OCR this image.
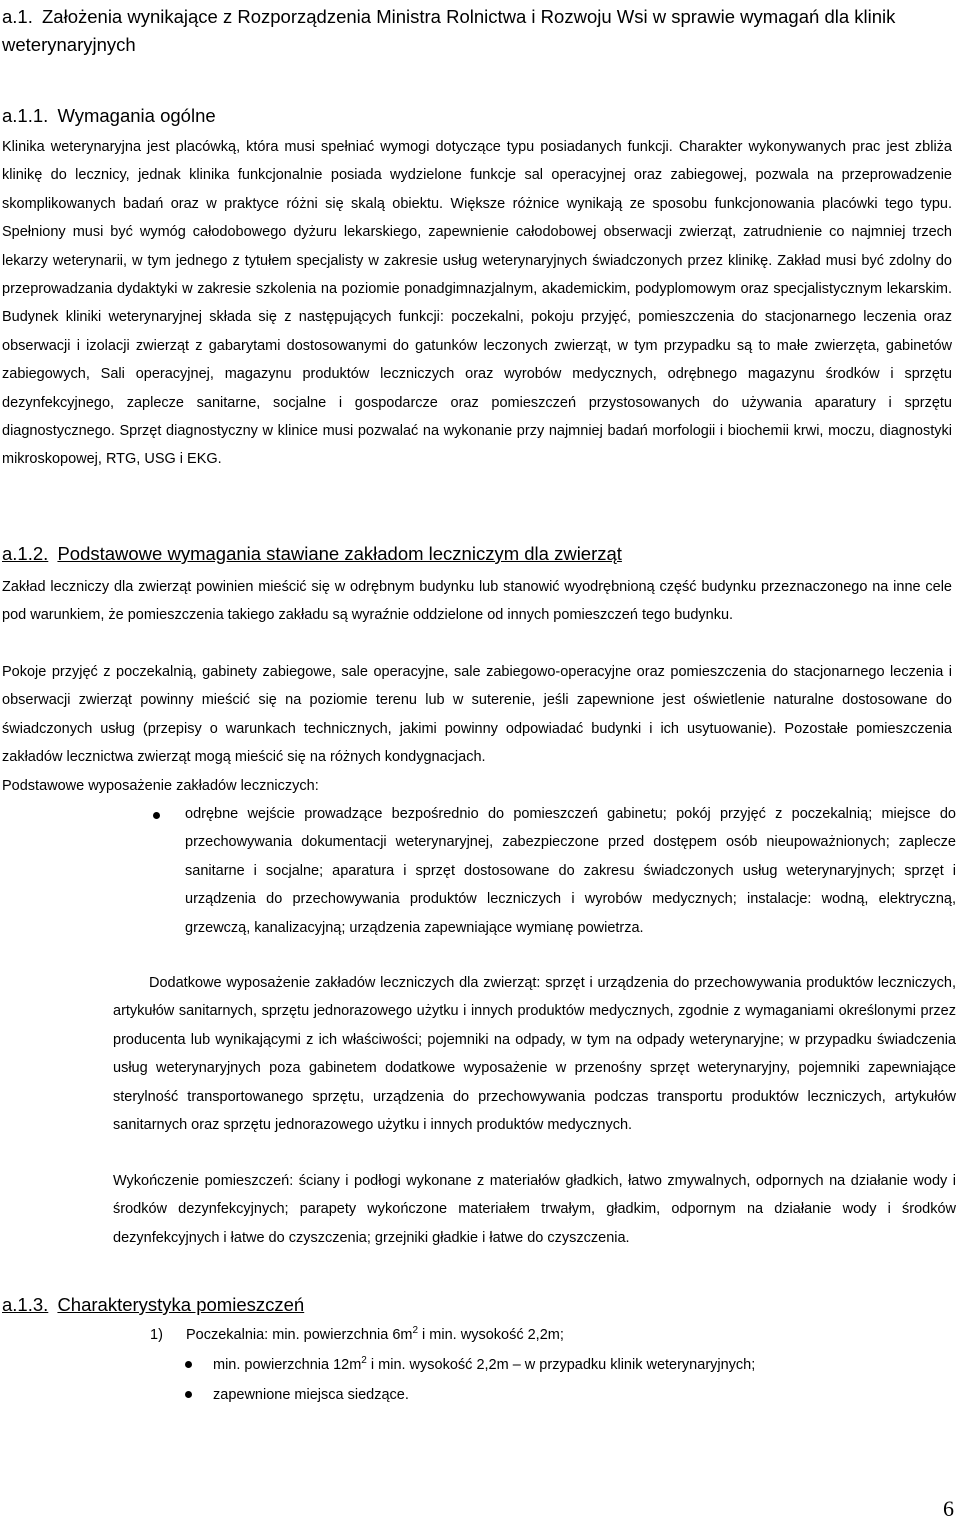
a.1. Założenia wynikające z Rozporządzenia Ministra Rolnictwa i Rozwoju Wsi w sprawie wymagań dla klinik weterynaryjnych
a.1.1. Wymagania ogólne
Klinika weterynaryjna jest placówką, która musi spełniać wymogi dotyczące typu posiadanych funkcji. Charakter wykonywanych prac jest zbliża klinikę do lecznicy, jednak klinika funkcjonalnie posiada wydzielone funkcje sal operacyjnej oraz zabiegowej, pozwala na przeprowadzenie skomplikowanych badań oraz w praktyce różni się skalą obiektu. Większe różnice wynikają ze sposobu funkcjonowania placówki tego typu. Spełniony musi być wymóg całodobowego dyżuru lekarskiego, zapewnienie całodobowej obserwacji zwierząt, zatrudnienie co najmniej trzech lekarzy weterynarii, w tym jednego z tytułem specjalisty w zakresie usług weterynaryjnych świadczonych przez klinikę. Zakład musi być zdolny do przeprowadzania dydaktyki w zakresie szkolenia na poziomie ponadgimnazjalnym, akademickim, podyplomowym oraz specjalistycznym lekarskim. Budynek kliniki weterynaryjnej składa się z następujących funkcji: poczekalni, pokoju przyjęć, pomieszczenia do stacjonarnego leczenia oraz obserwacji i izolacji zwierząt z gabarytami dostosowanymi do gatunków leczonych zwierząt, w tym przypadku są to małe zwierzęta, gabinetów zabiegowych, Sali operacyjnej, magazynu produktów leczniczych oraz wyrobów medycznych, odrębnego magazynu środków i sprzętu dezynfekcyjnego, zaplecze sanitarne, socjalne i gospodarcze oraz pomieszczeń przystosowanych do używania aparatury i sprzętu diagnostycznego. Sprzęt diagnostyczny w klinice musi pozwalać na wykonanie przy najmniej badań morfologii i biochemii krwi, moczu, diagnostyki mikroskopowej, RTG, USG i EKG.
a.1.2. Podstawowe wymagania stawiane zakładom leczniczym dla zwierząt
Zakład leczniczy dla zwierząt powinien mieścić się w odrębnym budynku lub stanowić wyodrębnioną część budynku przeznaczonego na inne cele pod warunkiem, że pomieszczenia takiego zakładu są wyraźnie oddzielone od innych pomieszczeń tego budynku.
Pokoje przyjęć z poczekalnią, gabinety zabiegowe, sale operacyjne, sale zabiegowo-operacyjne oraz pomieszczenia do stacjonarnego leczenia i obserwacji zwierząt powinny mieścić się na poziomie terenu lub w suterenie, jeśli zapewnione jest oświetlenie naturalne dostosowane do świadczonych usług (przepisy o warunkach technicznych, jakimi powinny odpowiadać budynki i ich usytuowanie). Pozostałe pomieszczenia zakładów lecznictwa zwierząt mogą mieścić się na różnych kondygnacjach.
Podstawowe wyposażenie zakładów leczniczych:
odrębne wejście prowadzące bezpośrednio do pomieszczeń gabinetu; pokój przyjęć z poczekalnią; miejsce do przechowywania dokumentacji weterynaryjnej, zabezpieczone przed dostępem osób nieupoważnionych; zaplecze sanitarne i socjalne; aparatura i sprzęt dostosowane do zakresu świadczonych usług weterynaryjnych; sprzęt i urządzenia do przechowywania produktów leczniczych i wyrobów medycznych; instalacje: wodną, elektryczną, grzewczą, kanalizacyjną; urządzenia zapewniające wymianę powietrza.
Dodatkowe wyposażenie zakładów leczniczych dla zwierząt: sprzęt i urządzenia do przechowywania produktów leczniczych, artykułów sanitarnych, sprzętu jednorazowego użytku i innych produktów medycznych, zgodnie z wymaganiami określonymi przez producenta lub wynikającymi z ich właściwości; pojemniki na odpady, w tym na odpady weterynaryjne; w przypadku świadczenia usług weterynaryjnych poza gabinetem dodatkowe wyposażenie w przenośny sprzęt weterynaryjny, pojemniki zapewniające sterylność transportowanego sprzętu, urządzenia do przechowywania podczas transportu produktów leczniczych, artykułów sanitarnych oraz sprzętu jednorazowego użytku i innych produktów medycznych.
Wykończenie pomieszczeń: ściany i podłogi wykonane z materiałów gładkich, łatwo zmywalnych, odpornych na działanie wody i środków dezynfekcyjnych; parapety wykończone materiałem trwałym, gładkim, odpornym na działanie wody i środków dezynfekcyjnych i łatwe do czyszczenia; grzejniki gładkie i łatwe do czyszczenia.
a.1.3. Charakterystyka pomieszczeń
1) Poczekalnia: min. powierzchnia $6m^2$ i min. wysokość 2,2m;
min. powierzchnia $12m^2$ i min. wysokość 2,2m – w przypadku klinik weterynaryjnych;
zapewnione miejsca siedzące.
6
